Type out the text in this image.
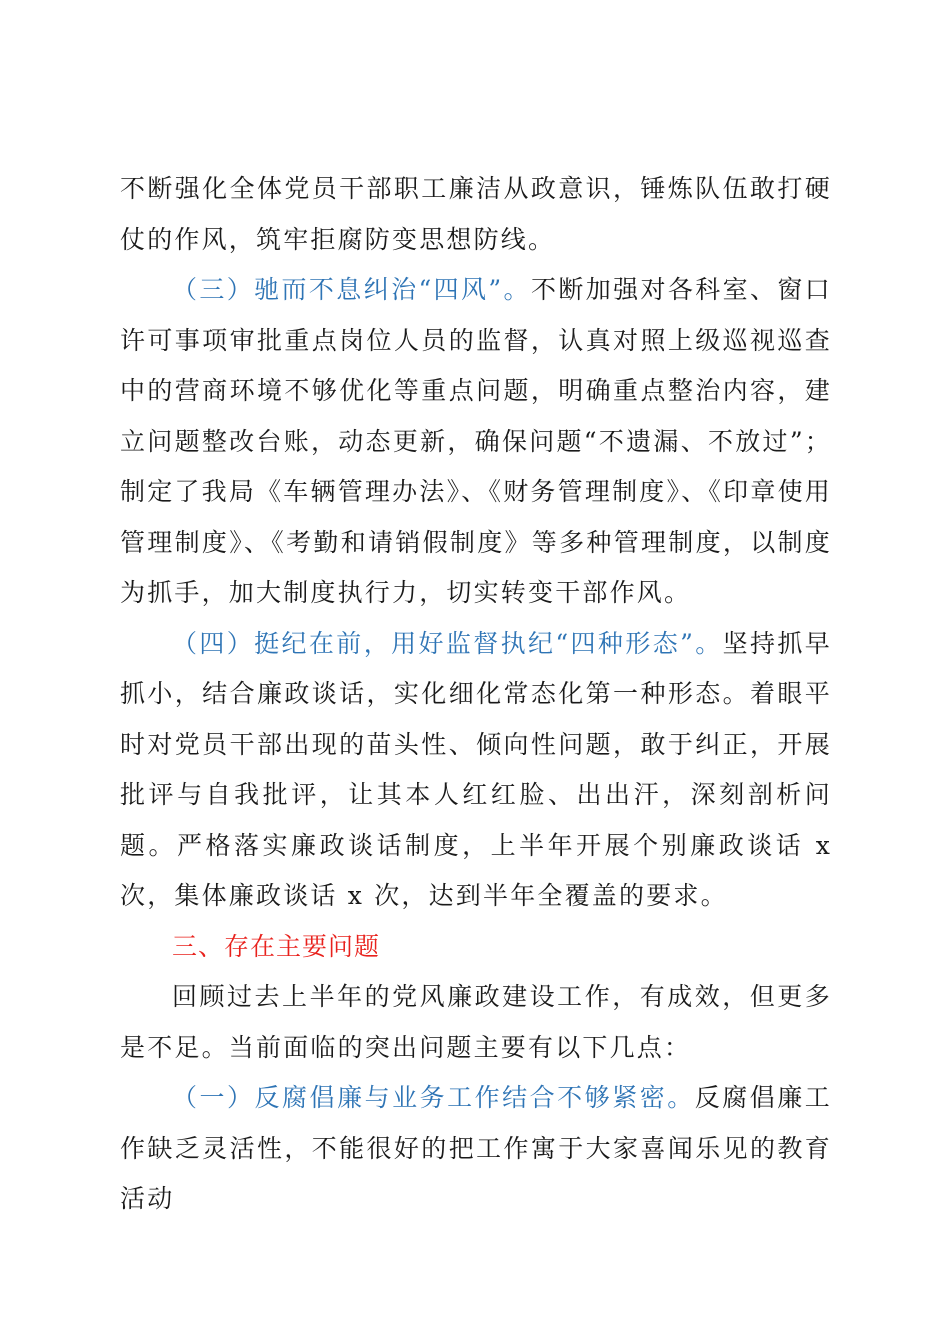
不断强化全体党员干部职工廉洁从政意识，锤炼队伍敢打硬仗的作风，筑牢拒腐防变思想防线。

（三）驰而不息纠治“四风”。不断加强对各科室、窗口许可事项审批重点岗位人员的监督，认真对照上级巡视巡查中的营商环境不够优化等重点问题，明确重点整治内容，建立问题整改台账，动态更新，确保问题“不遗漏、不放过”；制定了我局《车辆管理办法》、《财务管理制度》、《印章使用管理制度》、《考勤和请销假制度》等多种管理制度，以制度为抓手，加大制度执行力，切实转变干部作风。

（四）挺纪在前，用好监督执纪“四种形态”。坚持抓早抓小，结合廉政谈话，实化细化常态化第一种形态。着眼平时对党员干部出现的苗头性、倾向性问题，敢于纠正，开展批评与自我批评，让其本人红红脸、出出汗，深刻剖析问题。严格落实廉政谈话制度，上半年开展个别廉政谈话 x 次，集体廉政谈话 x 次，达到半年全覆盖的要求。

三、存在主要问题

回顾过去上半年的党风廉政建设工作，有成效，但更多是不足。当前面临的突出问题主要有以下几点：

（一）反腐倡廉与业务工作结合不够紧密。反腐倡廉工作缺乏灵活性，不能很好的把工作寓于大家喜闻乐见的教育活动
